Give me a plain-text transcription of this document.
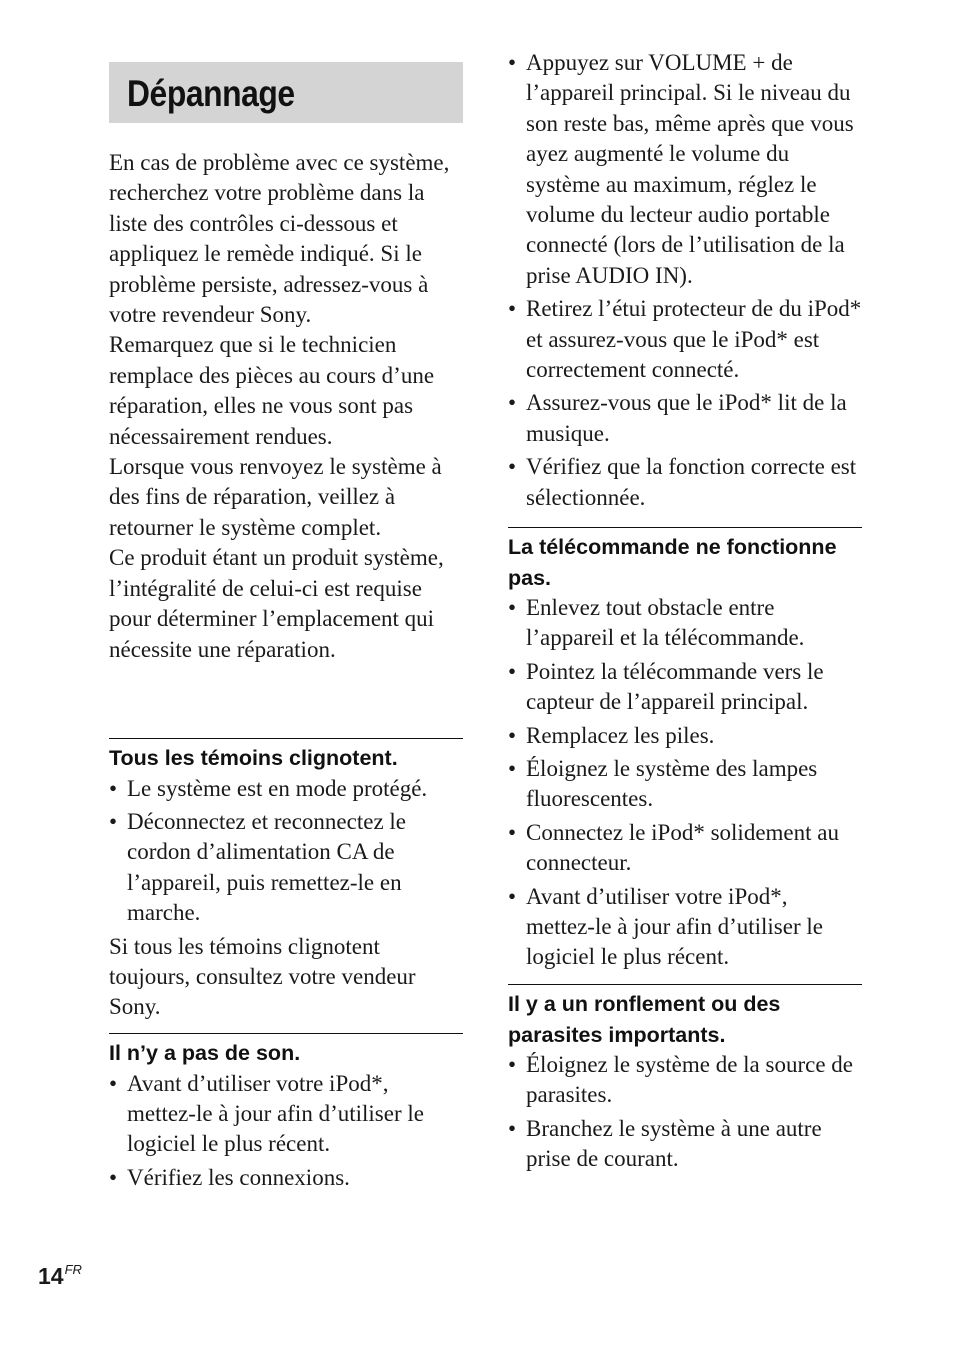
Dépannage

En cas de problème avec ce système, recherchez votre problème dans la liste des contrôles ci-dessous et appliquez le remède indiqué. Si le problème persiste, adressez-vous à votre revendeur Sony.

Remarquez que si le technicien remplace des pièces au cours d’une réparation, elles ne vous sont pas nécessairement rendues.

Lorsque vous renvoyez le système à des fins de réparation, veillez à retourner le système complet.

Ce produit étant un produit système, l’intégralité de celui-ci est requise pour déterminer l’emplacement qui nécessite une réparation.

Tous les témoins clignotent.
• Le système est en mode protégé.
• Déconnectez et reconnectez le cordon d’alimentation CA de l’appareil, puis remettez-le en marche.

Si tous les témoins clignotent toujours, consultez votre vendeur Sony.

Il n’y a pas de son.
• Avant d’utiliser votre iPod*, mettez-le à jour afin d’utiliser le logiciel le plus récent.
• Vérifiez les connexions.
• Appuyez sur VOLUME + de l’appareil principal. Si le niveau du son reste bas, même après que vous ayez augmenté le volume du système au maximum, réglez le volume du lecteur audio portable connecté (lors de l’utilisation de la prise AUDIO IN).
• Retirez l’étui protecteur de du iPod* et assurez-vous que le iPod* est correctement connecté.
• Assurez-vous que le iPod* lit de la musique.
• Vérifiez que la fonction correcte est sélectionnée.
La télécommande ne fonctionne pas.
• Enlevez tout obstacle entre l’appareil et la télécommande.
• Pointez la télécommande vers le capteur de l’appareil principal.
• Remplacez les piles.
• Éloignez le système des lampes fluorescentes.
• Connectez le iPod* solidement au connecteur.
• Avant d’utiliser votre iPod*, mettez-le à jour afin d’utiliser le logiciel le plus récent.
Il y a un ronflement ou des parasites importants.
• Éloignez le système de la source de parasites.
• Branchez le système à une autre prise de courant.
$14^{FR}$
